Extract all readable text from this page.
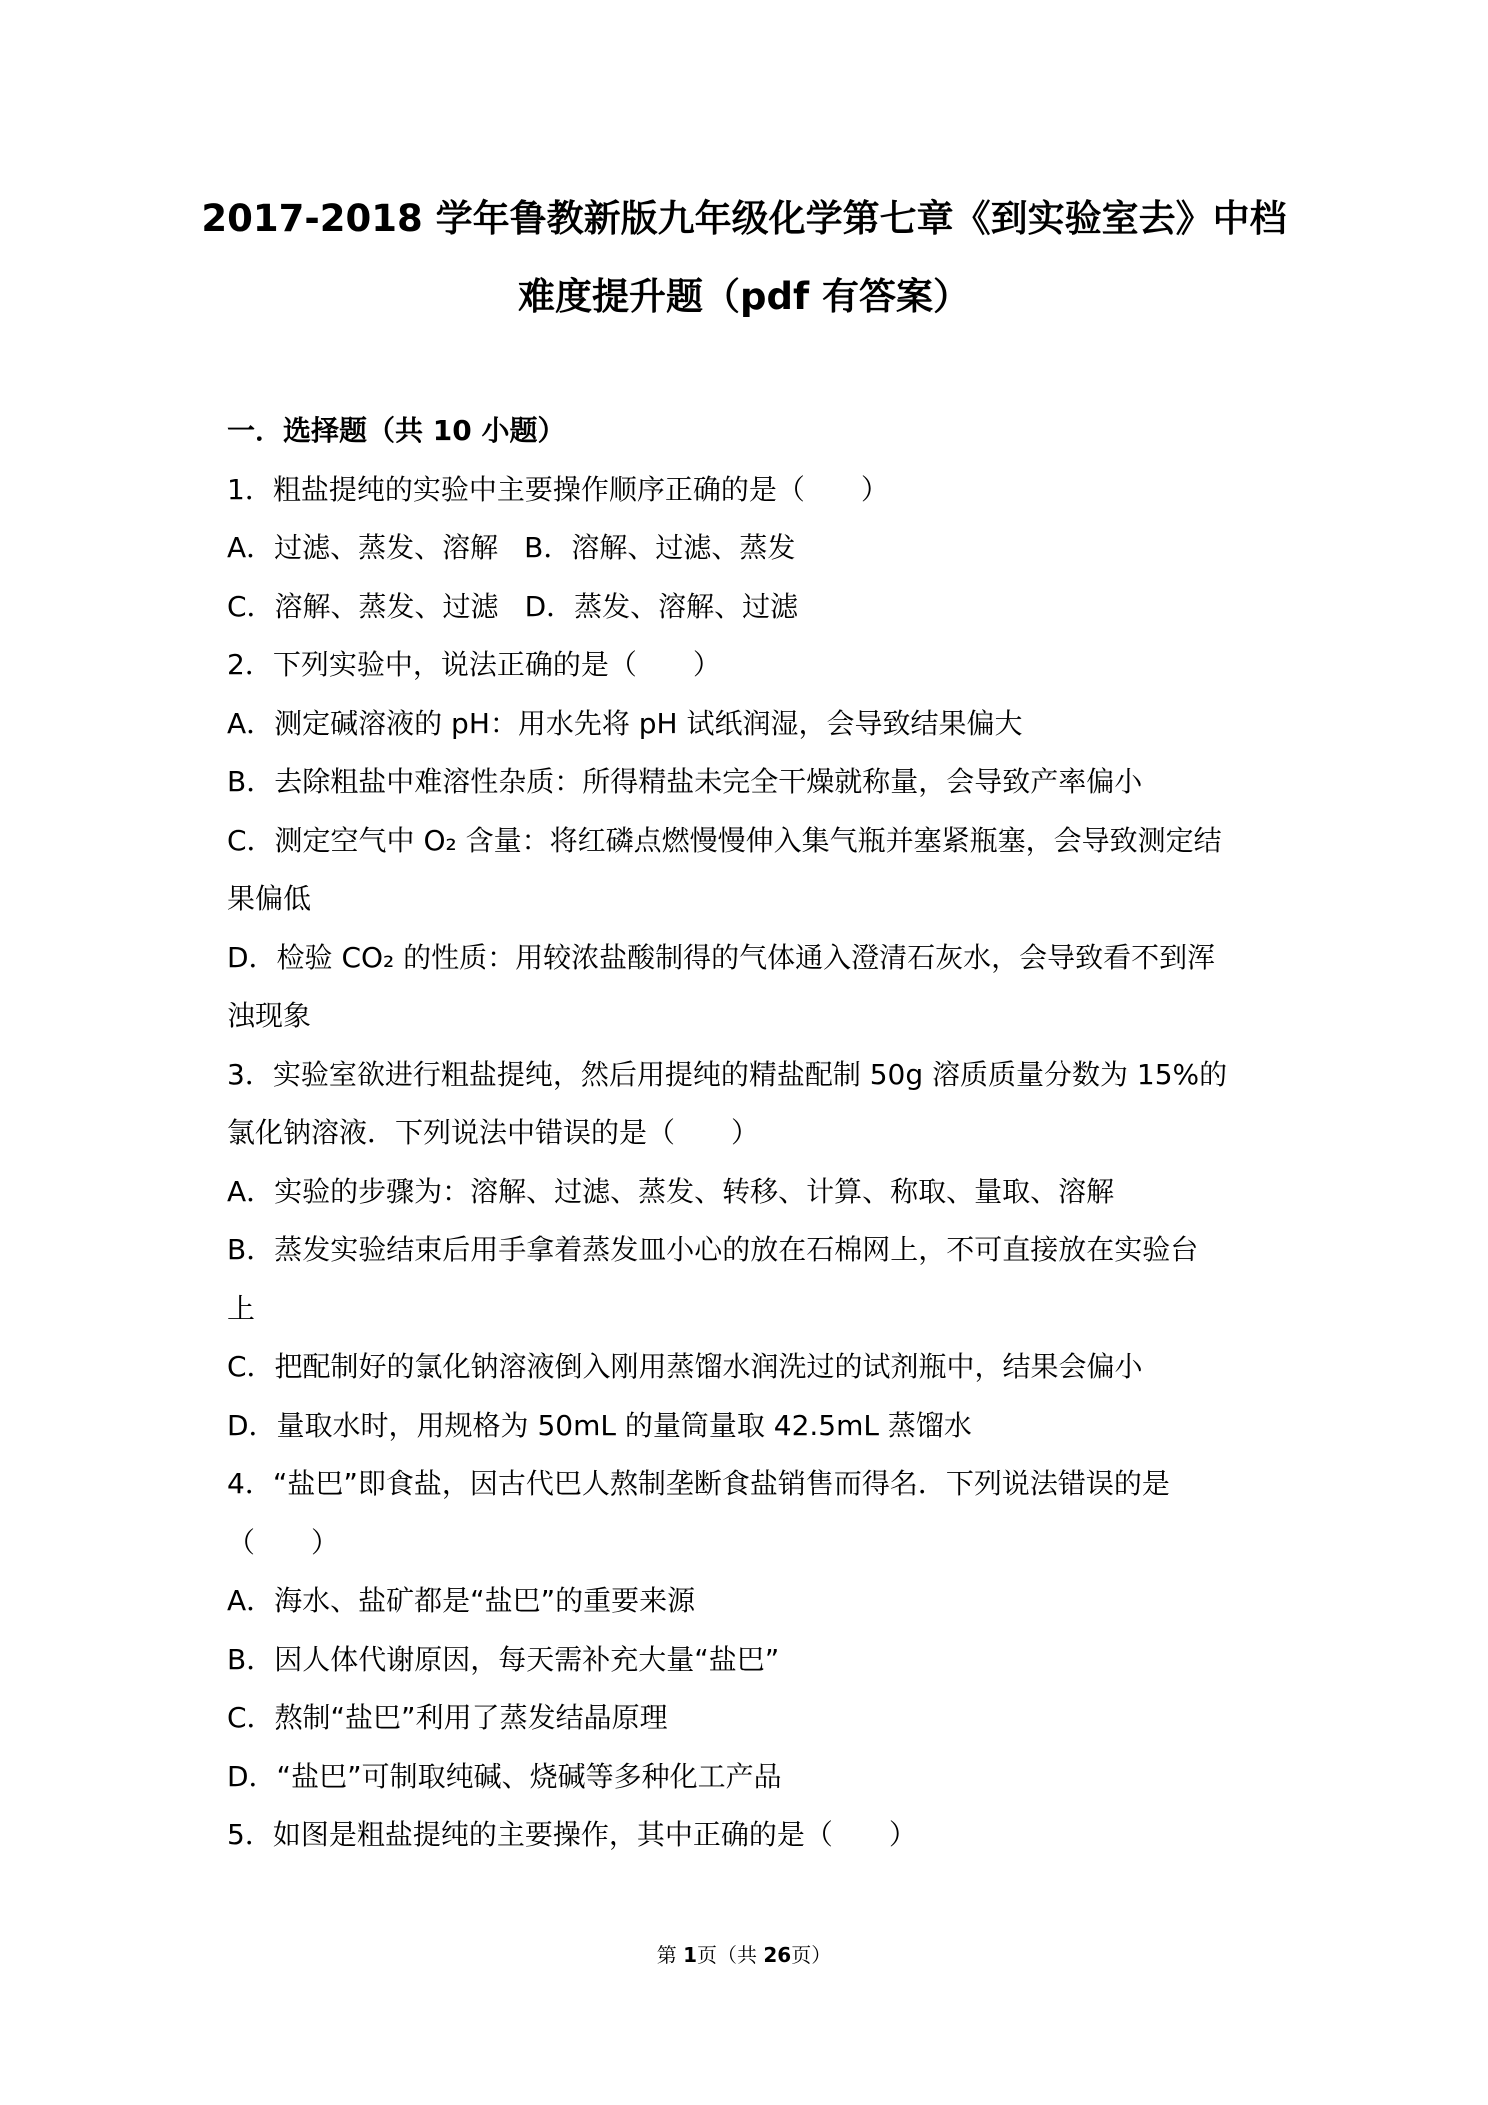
2017-2018 学年鲁教新版九年级化学第七章《到实验室去》中档
难度提升题（pdf 有答案）
一．选择题（共 10 小题）
1．粗盐提纯的实验中主要操作顺序正确的是（　　）
A．过滤、蒸发、溶解 B．溶解、过滤、蒸发
C．溶解、蒸发、过滤 D．蒸发、溶解、过滤
2．下列实验中，说法正确的是（　　）
A．测定碱溶液的 pH：用水先将 pH 试纸润湿，会导致结果偏大
B．去除粗盐中难溶性杂质：所得精盐未完全干燥就称量，会导致产率偏小
C．测定空气中 O₂ 含量：将红磷点燃慢慢伸入集气瓶并塞紧瓶塞，会导致测定结
果偏低
D．检验 CO₂ 的性质：用较浓盐酸制得的气体通入澄清石灰水，会导致看不到浑
浊现象
3．实验室欲进行粗盐提纯，然后用提纯的精盐配制 50g 溶质质量分数为 15%的
氯化钠溶液．下列说法中错误的是（　　）
A．实验的步骤为：溶解、过滤、蒸发、转移、计算、称取、量取、溶解
B．蒸发实验结束后用手拿着蒸发皿小心的放在石棉网上，不可直接放在实验台
上
C．把配制好的氯化钠溶液倒入刚用蒸馏水润洗过的试剂瓶中，结果会偏小
D．量取水时，用规格为 50mL 的量筒量取 42.5mL 蒸馏水
4．“盐巴”即食盐，因古代巴人熬制垄断食盐销售而得名．下列说法错误的是
（　　）
A．海水、盐矿都是“盐巴”的重要来源
B．因人体代谢原因，每天需补充大量“盐巴”
C．熬制“盐巴”利用了蒸发结晶原理
D．“盐巴”可制取纯碱、烧碱等多种化工产品
5．如图是粗盐提纯的主要操作，其中正确的是（　　）
第 1页（共 26页）
